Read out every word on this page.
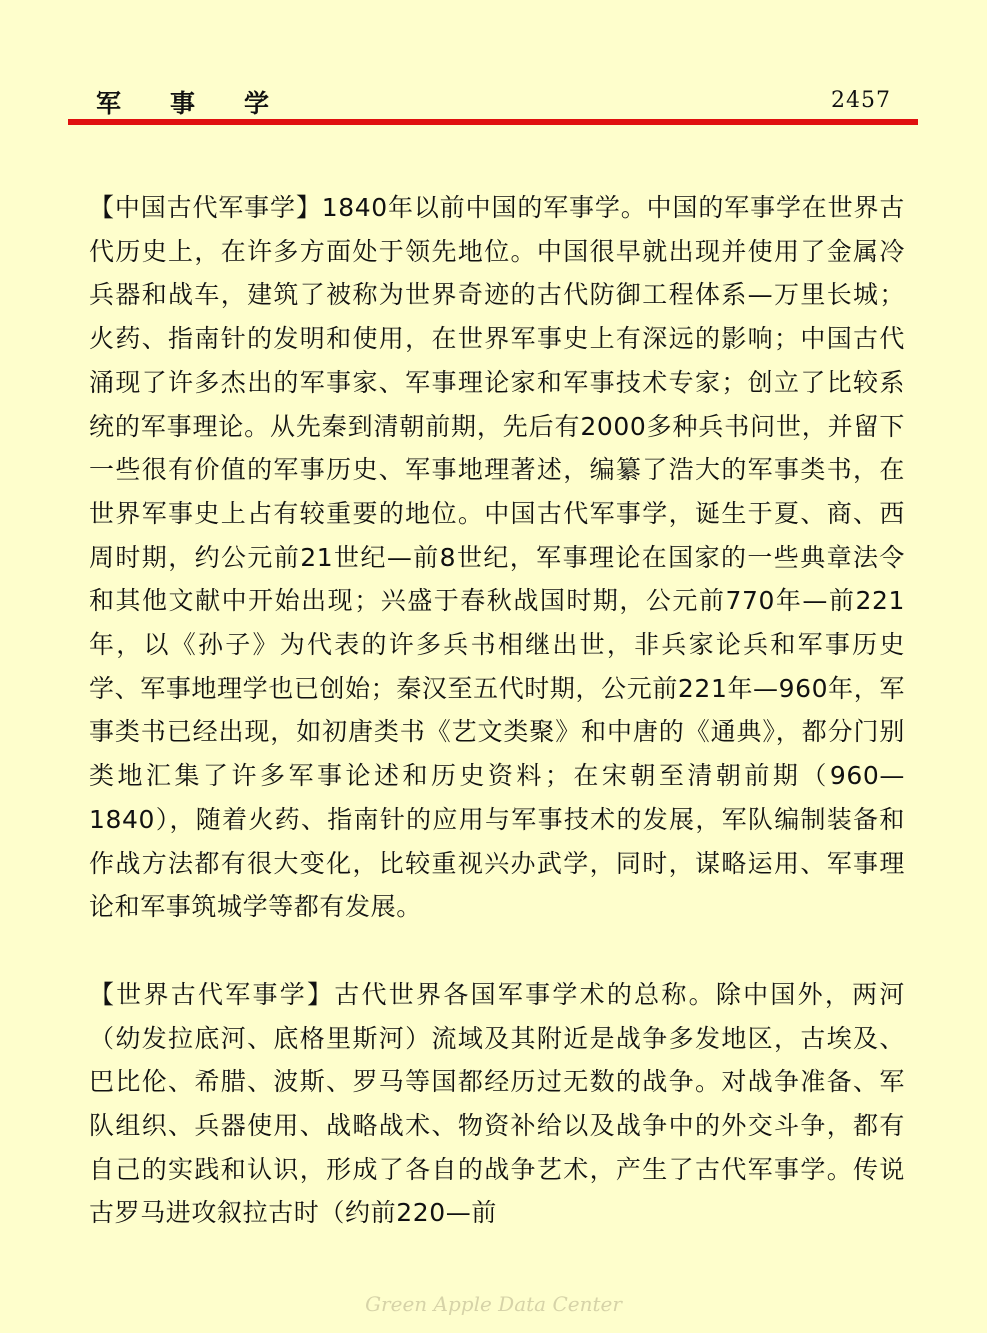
军事学	2457

【中国古代军事学】1840年以前中国的军事学。中国的军事学在世界古代历史上，在许多方面处于领先地位。中国很早就出现并使用了金属冷兵器和战车，建筑了被称为世界奇迹的古代防御工程体系—万里长城；火药、指南针的发明和使用，在世界军事史上有深远的影响；中国古代涌现了许多杰出的军事家、军事理论家和军事技术专家；创立了比较系统的军事理论。从先秦到清朝前期，先后有2000多种兵书问世，并留下一些很有价值的军事历史、军事地理著述，编纂了浩大的军事类书，在世界军事史上占有较重要的地位。中国古代军事学，诞生于夏、商、西周时期，约公元前21世纪—前8世纪，军事理论在国家的一些典章法令和其他文献中开始出现；兴盛于春秋战国时期，公元前770年—前221年，以《孙子》为代表的许多兵书相继出世，非兵家论兵和军事历史学、军事地理学也已创始；秦汉至五代时期，公元前221年—960年，军事类书已经出现，如初唐类书《艺文类聚》和中唐的《通典》，都分门别类地汇集了许多军事论述和历史资料；在宋朝至清朝前期（960—1840），随着火药、指南针的应用与军事技术的发展，军队编制装备和作战方法都有很大变化，比较重视兴办武学，同时，谋略运用、军事理论和军事筑城学等都有发展。

【世界古代军事学】古代世界各国军事学术的总称。除中国外，两河（幼发拉底河、底格里斯河）流域及其附近是战争多发地区，古埃及、巴比伦、希腊、波斯、罗马等国都经历过无数的战争。对战争准备、军队组织、兵器使用、战略战术、物资补给以及战争中的外交斗争，都有自己的实践和认识，形成了各自的战争艺术，产生了古代军事学。传说古罗马进攻叙拉古时（约前220—前

Green Apple Data Center
